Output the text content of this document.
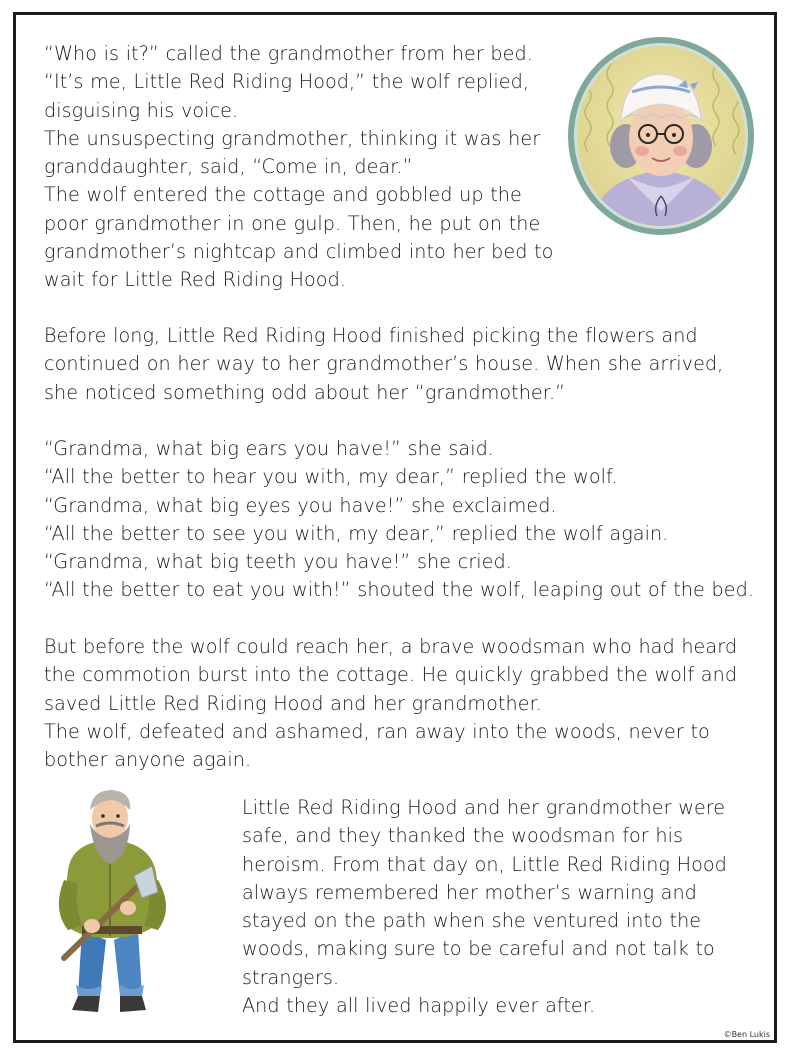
“Who is it?” called the grandmother from her bed.

“It’s me, Little Red Riding Hood,” the wolf replied,

disguising his voice.

The unsuspecting grandmother, thinking it was her

granddaughter, said, “Come in, dear.”

The wolf entered the cottage and gobbled up the

poor grandmother in one gulp. Then, he put on the

grandmother’s nightcap and climbed into her bed to

wait for Little Red Riding Hood.

Before long, Little Red Riding Hood finished picking the flowers and

continued on her way to her grandmother’s house. When she arrived,

she noticed something odd about her “grandmother.”

“Grandma, what big ears you have!” she said.

“All the better to hear you with, my dear,” replied the wolf.

“Grandma, what big eyes you have!” she exclaimed.

“All the better to see you with, my dear,” replied the wolf again.

“Grandma, what big teeth you have!” she cried.

“All the better to eat you with!” shouted the wolf, leaping out of the bed.

But before the wolf could reach her, a brave woodsman who had heard

the commotion burst into the cottage. He quickly grabbed the wolf and

saved Little Red Riding Hood and her grandmother.

The wolf, defeated and ashamed, ran away into the woods, never to

bother anyone again.

Little Red Riding Hood and her grandmother were

safe, and they thanked the woodsman for his

heroism. From that day on, Little Red Riding Hood

always remembered her mother’s warning and

stayed on the path when she ventured into the

woods, making sure to be careful and not talk to

strangers.

And they all lived happily ever after.

©Ben Lukis
